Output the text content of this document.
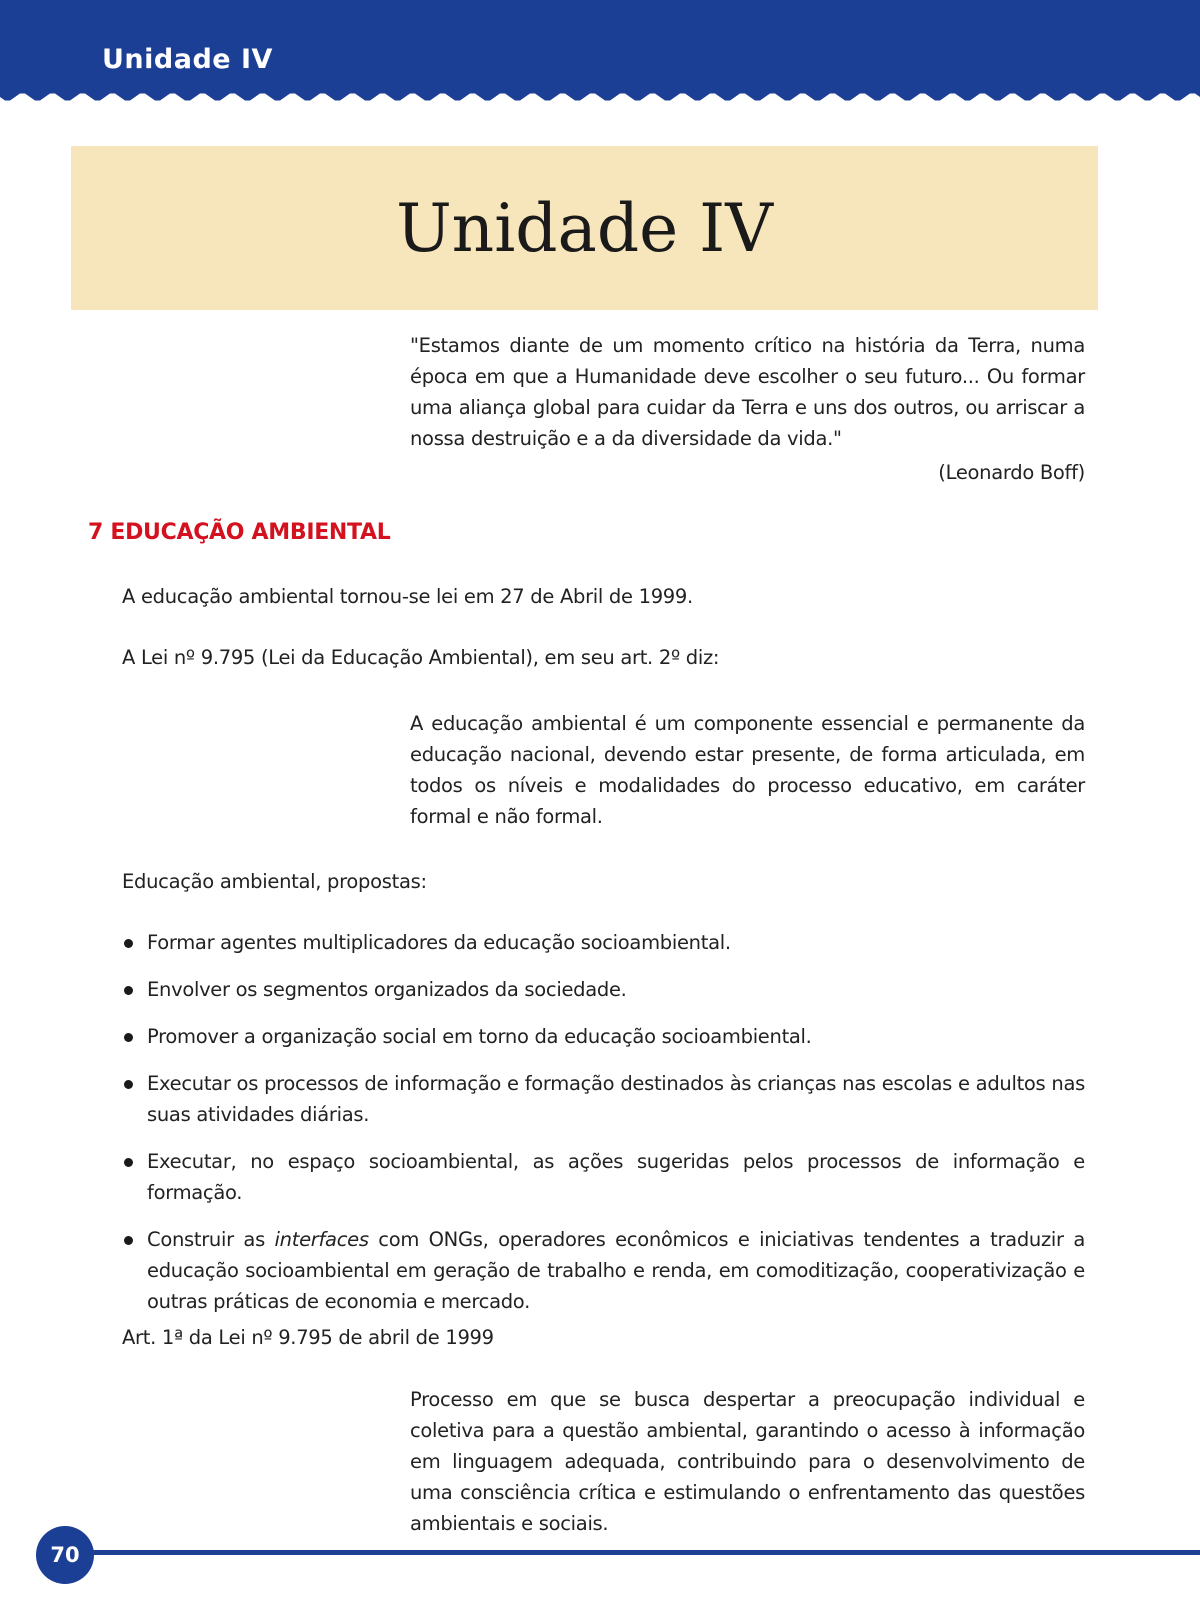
Unidade IV
Unidade IV
"Estamos diante de um momento crítico na história da Terra, numa época em que a Humanidade deve escolher o seu futuro... Ou formar uma aliança global para cuidar da Terra e uns dos outros, ou arriscar a nossa destruição e a da diversidade da vida."
(Leonardo Boff)
7 EDUCAÇÃO AMBIENTAL
A educação ambiental tornou-se lei em 27 de Abril de 1999.
A Lei nº 9.795 (Lei da Educação Ambiental), em seu art. 2º diz:
A educação ambiental é um componente essencial e permanente da educação nacional, devendo estar presente, de forma articulada, em todos os níveis e modalidades do processo educativo, em caráter formal e não formal.
Educação ambiental, propostas:
Formar agentes multiplicadores da educação socioambiental.
Envolver os segmentos organizados da sociedade.
Promover a organização social em torno da educação socioambiental.
Executar os processos de informação e formação destinados às crianças nas escolas e adultos nas suas atividades diárias.
Executar, no espaço socioambiental, as ações sugeridas pelos processos de informação e formação.
Construir as interfaces com ONGs, operadores econômicos e iniciativas tendentes a traduzir a educação socioambiental em geração de trabalho e renda, em comoditização, cooperativização e outras práticas de economia e mercado.
Art. 1ª da Lei nº 9.795 de abril de 1999
Processo em que se busca despertar a preocupação individual e coletiva para a questão ambiental, garantindo o acesso à informação em linguagem adequada, contribuindo para o desenvolvimento de uma consciência crítica e estimulando o enfrentamento das questões ambientais e sociais.
70
